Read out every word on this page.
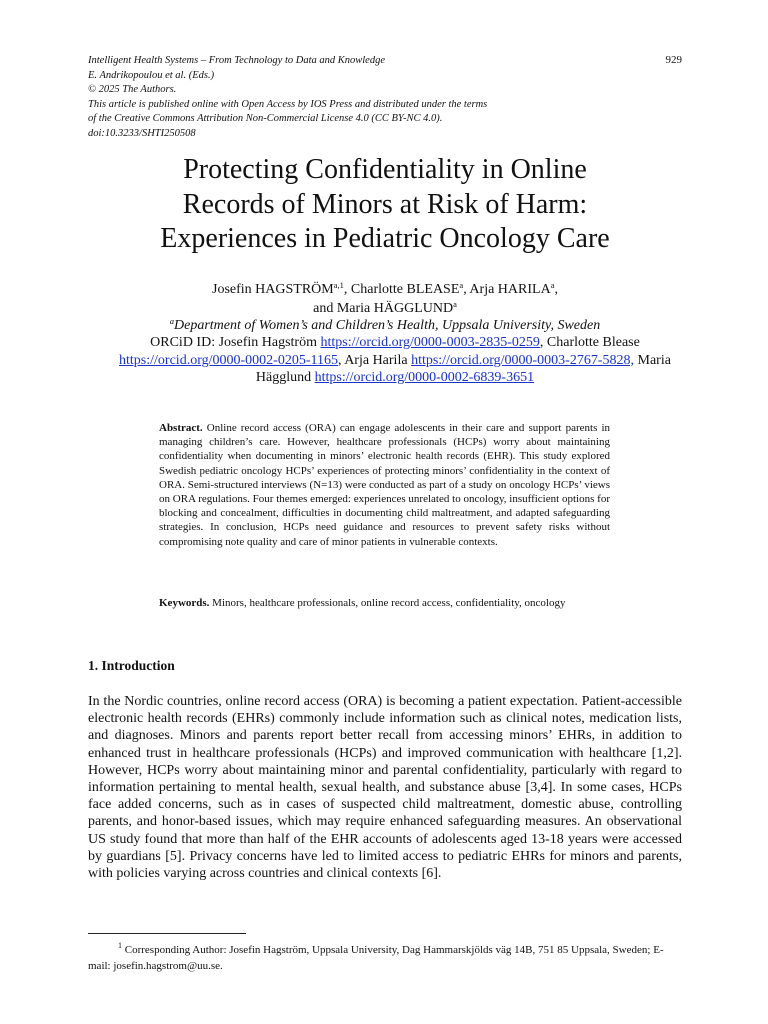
Intelligent Health Systems – From Technology to Data and Knowledge
E. Andrikopoulou et al. (Eds.)
© 2025 The Authors.
This article is published online with Open Access by IOS Press and distributed under the terms
of the Creative Commons Attribution Non-Commercial License 4.0 (CC BY-NC 4.0).
doi:10.3233/SHTI250508
929
Protecting Confidentiality in Online
Records of Minors at Risk of Harm:
Experiences in Pediatric Oncology Care
Josefin HAGSTRÖM$^{a,1}$, Charlotte BLEASE$^a$, Arja HARILA$^a$,
and Maria HÄGGLUND$^a$
$^a$Department of Women’s and Children’s Health, Uppsala University, Sweden
ORCiD ID: Josefin Hagström https://orcid.org/0000-0003-2835-0259, Charlotte Blease https://orcid.org/0000-0002-0205-1165, Arja Harila https://orcid.org/0000-0003-2767-5828, Maria Hägglund https://orcid.org/0000-0002-6839-3651
Abstract. Online record access (ORA) can engage adolescents in their care and support parents in managing children’s care. However, healthcare professionals (HCPs) worry about maintaining confidentiality when documenting in minors’ electronic health records (EHR). This study explored Swedish pediatric oncology HCPs’ experiences of protecting minors’ confidentiality in the context of ORA. Semi-structured interviews (N=13) were conducted as part of a study on oncology HCPs’ views on ORA regulations. Four themes emerged: experiences unrelated to oncology, insufficient options for blocking and concealment, difficulties in documenting child maltreatment, and adapted safeguarding strategies. In conclusion, HCPs need guidance and resources to prevent safety risks without compromising note quality and care of minor patients in vulnerable contexts.
Keywords. Minors, healthcare professionals, online record access, confidentiality, oncology
1. Introduction
In the Nordic countries, online record access (ORA) is becoming a patient expectation. Patient-accessible electronic health records (EHRs) commonly include information such as clinical notes, medication lists, and diagnoses. Minors and parents report better recall from accessing minors’ EHRs, in addition to enhanced trust in healthcare professionals (HCPs) and improved communication with healthcare [1,2]. However, HCPs worry about maintaining minor and parental confidentiality, particularly with regard to information pertaining to mental health, sexual health, and substance abuse [3,4]. In some cases, HCPs face added concerns, such as in cases of suspected child maltreatment, domestic abuse, controlling parents, and honor-based issues, which may require enhanced safeguarding measures. An observational US study found that more than half of the EHR accounts of adolescents aged 13-18 years were accessed by guardians [5]. Privacy concerns have led to limited access to pediatric EHRs for minors and parents, with policies varying across countries and clinical contexts [6].
$^1$ Corresponding Author: Josefin Hagström, Uppsala University, Dag Hammarskjölds väg 14B, 751 85 Uppsala, Sweden; E-mail: josefin.hagstrom@uu.se.
